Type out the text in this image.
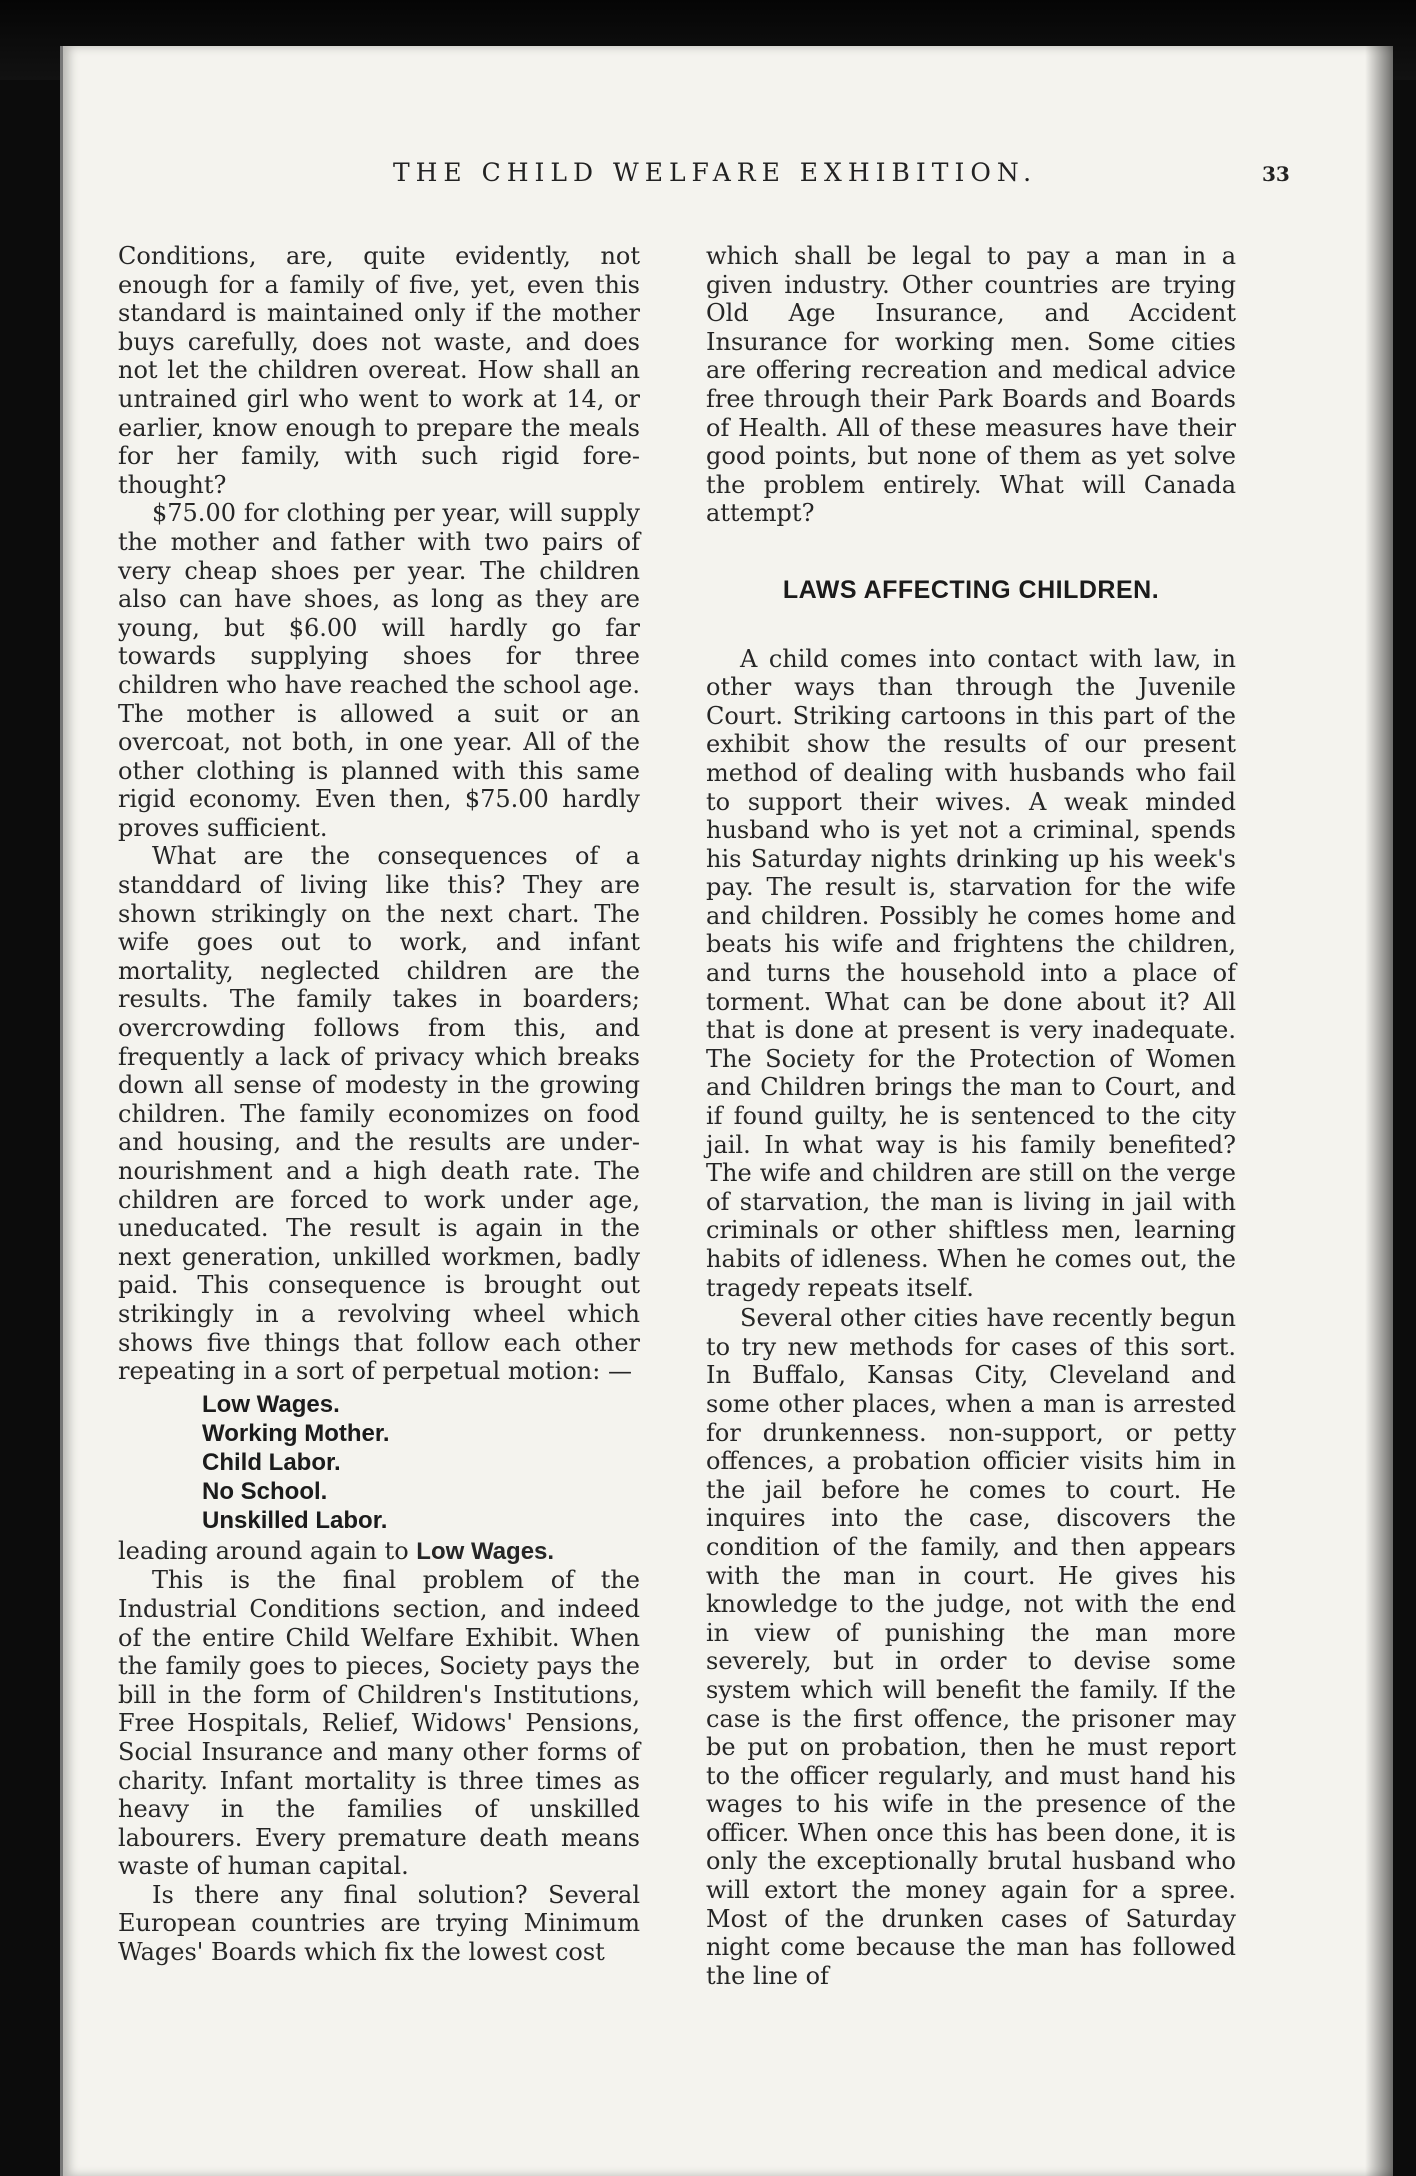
THE CHILD WELFARE EXHIBITION.	33

Conditions, are, quite evidently, not enough for a family of five, yet, even this standard is maintained only if the mother buys carefully, does not waste, and does not let the children overeat. How shall an untrained girl who went to work at 14, or earlier, know enough to prepare the meals for her family, with such rigid fore-thought?

$75.00 for clothing per year, will supply the mother and father with two pairs of very cheap shoes per year. The children also can have shoes, as long as they are young, but $6.00 will hardly go far towards supplying shoes for three children who have reached the school age. The mother is allowed a suit or an overcoat, not both, in one year. All of the other clothing is planned with this same rigid economy. Even then, $75.00 hardly proves sufficient.

What are the consequences of a standdard of living like this? They are shown strikingly on the next chart. The wife goes out to work, and infant mortality, neglected children are the results. The family takes in boarders; overcrowding follows from this, and frequently a lack of privacy which breaks down all sense of modesty in the growing children. The family economizes on food and housing, and the results are under-nourishment and a high death rate. The children are forced to work under age, uneducated. The result is again in the next generation, unkilled workmen, badly paid. This consequence is brought out strikingly in a revolving wheel which shows five things that follow each other repeating in a sort of perpetual motion: —

Low Wages.
Working Mother.
Child Labor.
No School.
Unskilled Labor.

leading around again to Low Wages.

This is the final problem of the Industrial Conditions section, and indeed of the entire Child Welfare Exhibit. When the family goes to pieces, Society pays the bill in the form of Children's Institutions, Free Hospitals, Relief, Widows' Pensions, Social Insurance and many other forms of charity. Infant mortality is three times as heavy in the families of unskilled labourers. Every premature death means waste of human capital.

Is there any final solution? Several European countries are trying Minimum Wages' Boards which fix the lowest cost

which shall be legal to pay a man in a given industry. Other countries are trying Old Age Insurance, and Accident Insurance for working men. Some cities are offering recreation and medical advice free through their Park Boards and Boards of Health. All of these measures have their good points, but none of them as yet solve the problem entirely. What will Canada attempt?

LAWS AFFECTING CHILDREN.

A child comes into contact with law, in other ways than through the Juvenile Court. Striking cartoons in this part of the exhibit show the results of our present method of dealing with husbands who fail to support their wives. A weak minded husband who is yet not a criminal, spends his Saturday nights drinking up his week's pay. The result is, starvation for the wife and children. Possibly he comes home and beats his wife and frightens the children, and turns the household into a place of torment. What can be done about it? All that is done at present is very inadequate. The Society for the Protection of Women and Children brings the man to Court, and if found guilty, he is sentenced to the city jail. In what way is his family benefited? The wife and children are still on the verge of starvation, the man is living in jail with criminals or other shiftless men, learning habits of idleness. When he comes out, the tragedy repeats itself.

Several other cities have recently begun to try new methods for cases of this sort. In Buffalo, Kansas City, Cleveland and some other places, when a man is arrested for drunkenness. non-support, or petty offences, a probation officier visits him in the jail before he comes to court. He inquires into the case, discovers the condition of the family, and then appears with the man in court. He gives his knowledge to the judge, not with the end in view of punishing the man more severely, but in order to devise some system which will benefit the family. If the case is the first offence, the prisoner may be put on probation, then he must report to the officer regularly, and must hand his wages to his wife in the presence of the officer. When once this has been done, it is only the exceptionally brutal husband who will extort the money again for a spree. Most of the drunken cases of Saturday night come because the man has followed the line of
